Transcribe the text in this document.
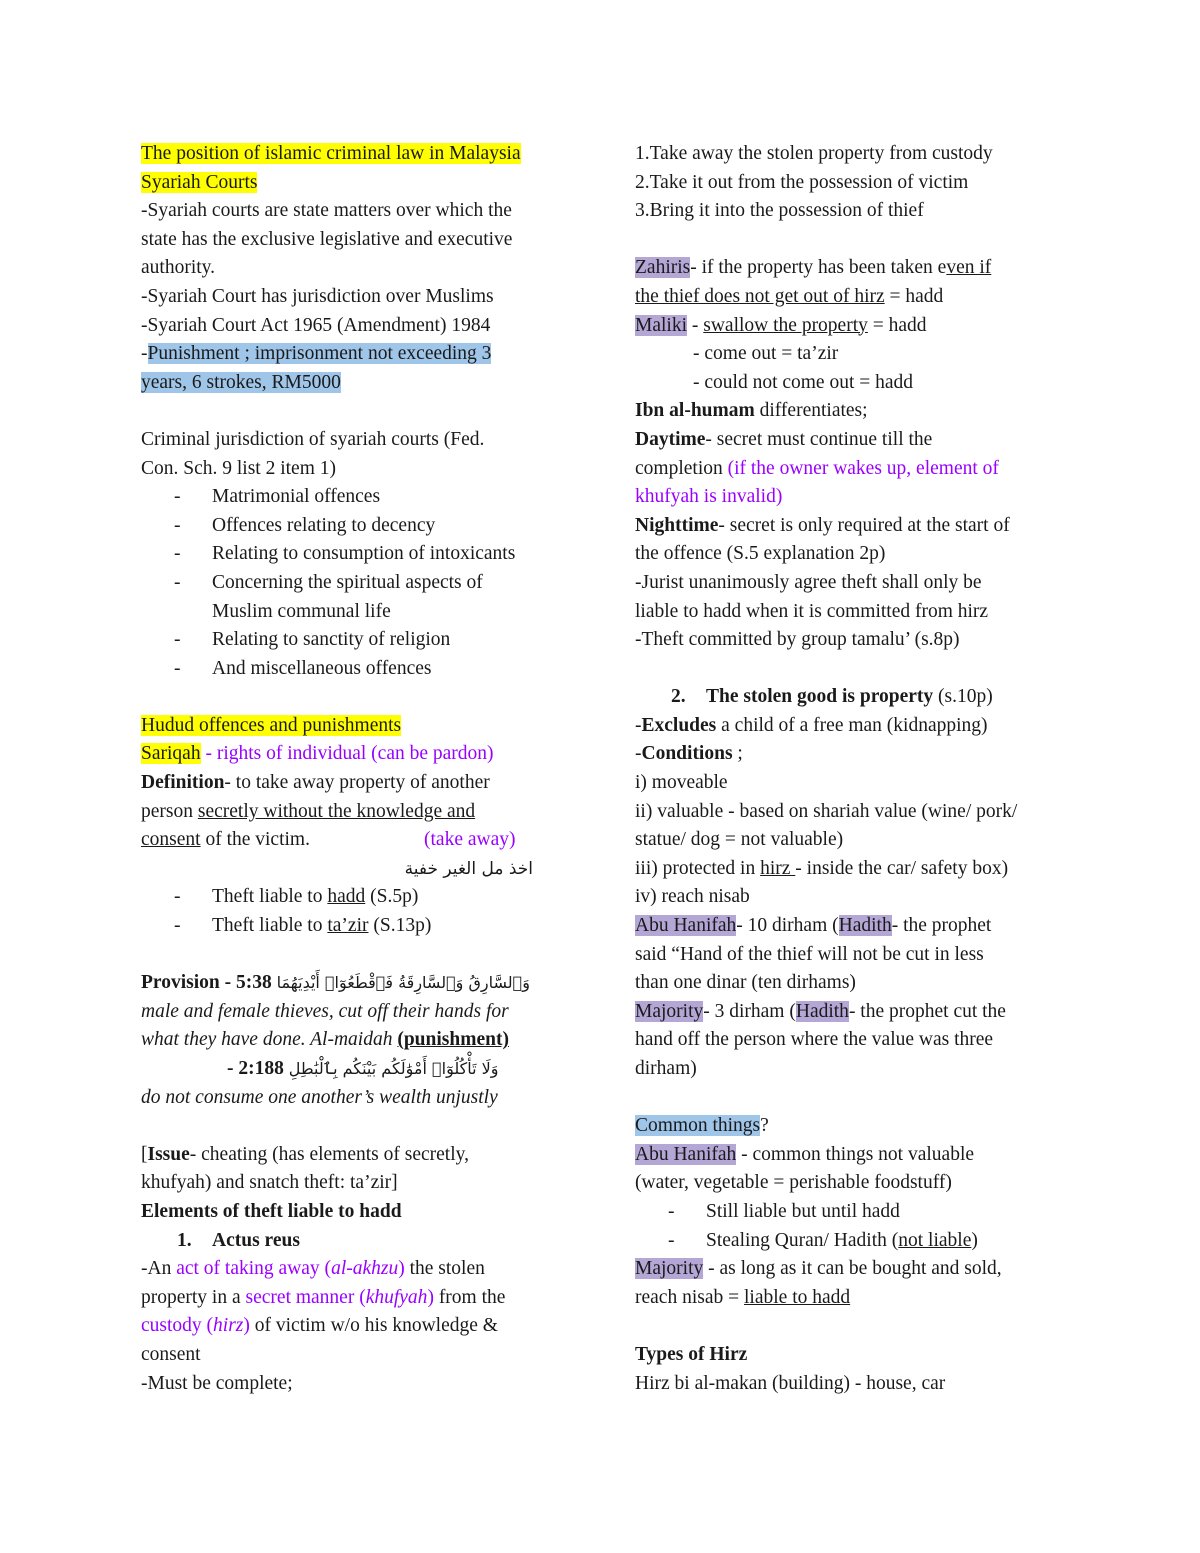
The position of islamic criminal law in Malaysia
Syariah Courts
-Syariah courts are state matters over which the
state has the exclusive legislative and executive
authority.
-Syariah Court has jurisdiction over Muslims
-Syariah Court Act 1965 (Amendment) 1984
-Punishment ; imprisonment not exceeding 3
years, 6 strokes, RM5000
Criminal jurisdiction of syariah courts (Fed.
Con. Sch. 9 list 2 item 1)
- Matrimonial offences
- Offences relating to decency
- Relating to consumption of intoxicants
- Concerning the spiritual aspects of
Muslim communal life
- Relating to sanctity of religion
- And miscellaneous offences
Hudud offences and punishments
Sariqah - rights of individual (can be pardon)
Definition- to take away property of another
person secretly without the knowledge and
consent of the victim.	(take away)
اخذ مل الغير خفية
- Theft liable to hadd (S.5p)
- Theft liable to ta’zir (S.13p)
Provision - 5:38 وَٱلسَّارِقُ وَٱلسَّارِقَةُ فَٱقْطَعُوٓا۟ أَيْدِيَهُمَا
male and female thieves, cut off their hands for
what they have done. Al-maidah (punishment)
- 2:188 وَلَا تَأْكُلُوٓا۟ أَمْوَٰلَكُم بَيْنَكُم بِٱلْبَٰطِلِ
do not consume one another’s wealth unjustly
[Issue- cheating (has elements of secretly,
khufyah) and snatch theft: ta’zir]
Elements of theft liable to hadd
1. Actus reus
-An act of taking away (al-akhzu) the stolen
property in a secret manner (khufyah) from the
custody (hirz) of victim w/o his knowledge &
consent
-Must be complete;
1.Take away the stolen property from custody
2.Take it out from the possession of victim
3.Bring it into the possession of thief
Zahiris- if the property has been taken even if
the thief does not get out of hirz = hadd
Maliki - swallow the property = hadd
- come out = ta’zir
- could not come out = hadd
Ibn al-humam differentiates;
Daytime- secret must continue till the
completion (if the owner wakes up, element of
khufyah is invalid)
Nighttime- secret is only required at the start of
the offence (S.5 explanation 2p)
-Jurist unanimously agree theft shall only be
liable to hadd when it is committed from hirz
-Theft committed by group tamalu’ (s.8p)
2. The stolen good is property (s.10p)
-Excludes a child of a free man (kidnapping)
-Conditions ;
i) moveable
ii) valuable - based on shariah value (wine/ pork/
statue/ dog = not valuable)
iii) protected in hirz - inside the car/ safety box)
iv) reach nisab
Abu Hanifah- 10 dirham (Hadith- the prophet
said “Hand of the thief will not be cut in less
than one dinar (ten dirhams)
Majority- 3 dirham (Hadith- the prophet cut the
hand off the person where the value was three
dirham)
Common things?
Abu Hanifah - common things not valuable
(water, vegetable = perishable foodstuff)
- Still liable but until hadd
- Stealing Quran/ Hadith (not liable)
Majority - as long as it can be bought and sold,
reach nisab = liable to hadd
Types of Hirz
Hirz bi al-makan (building) - house, car
